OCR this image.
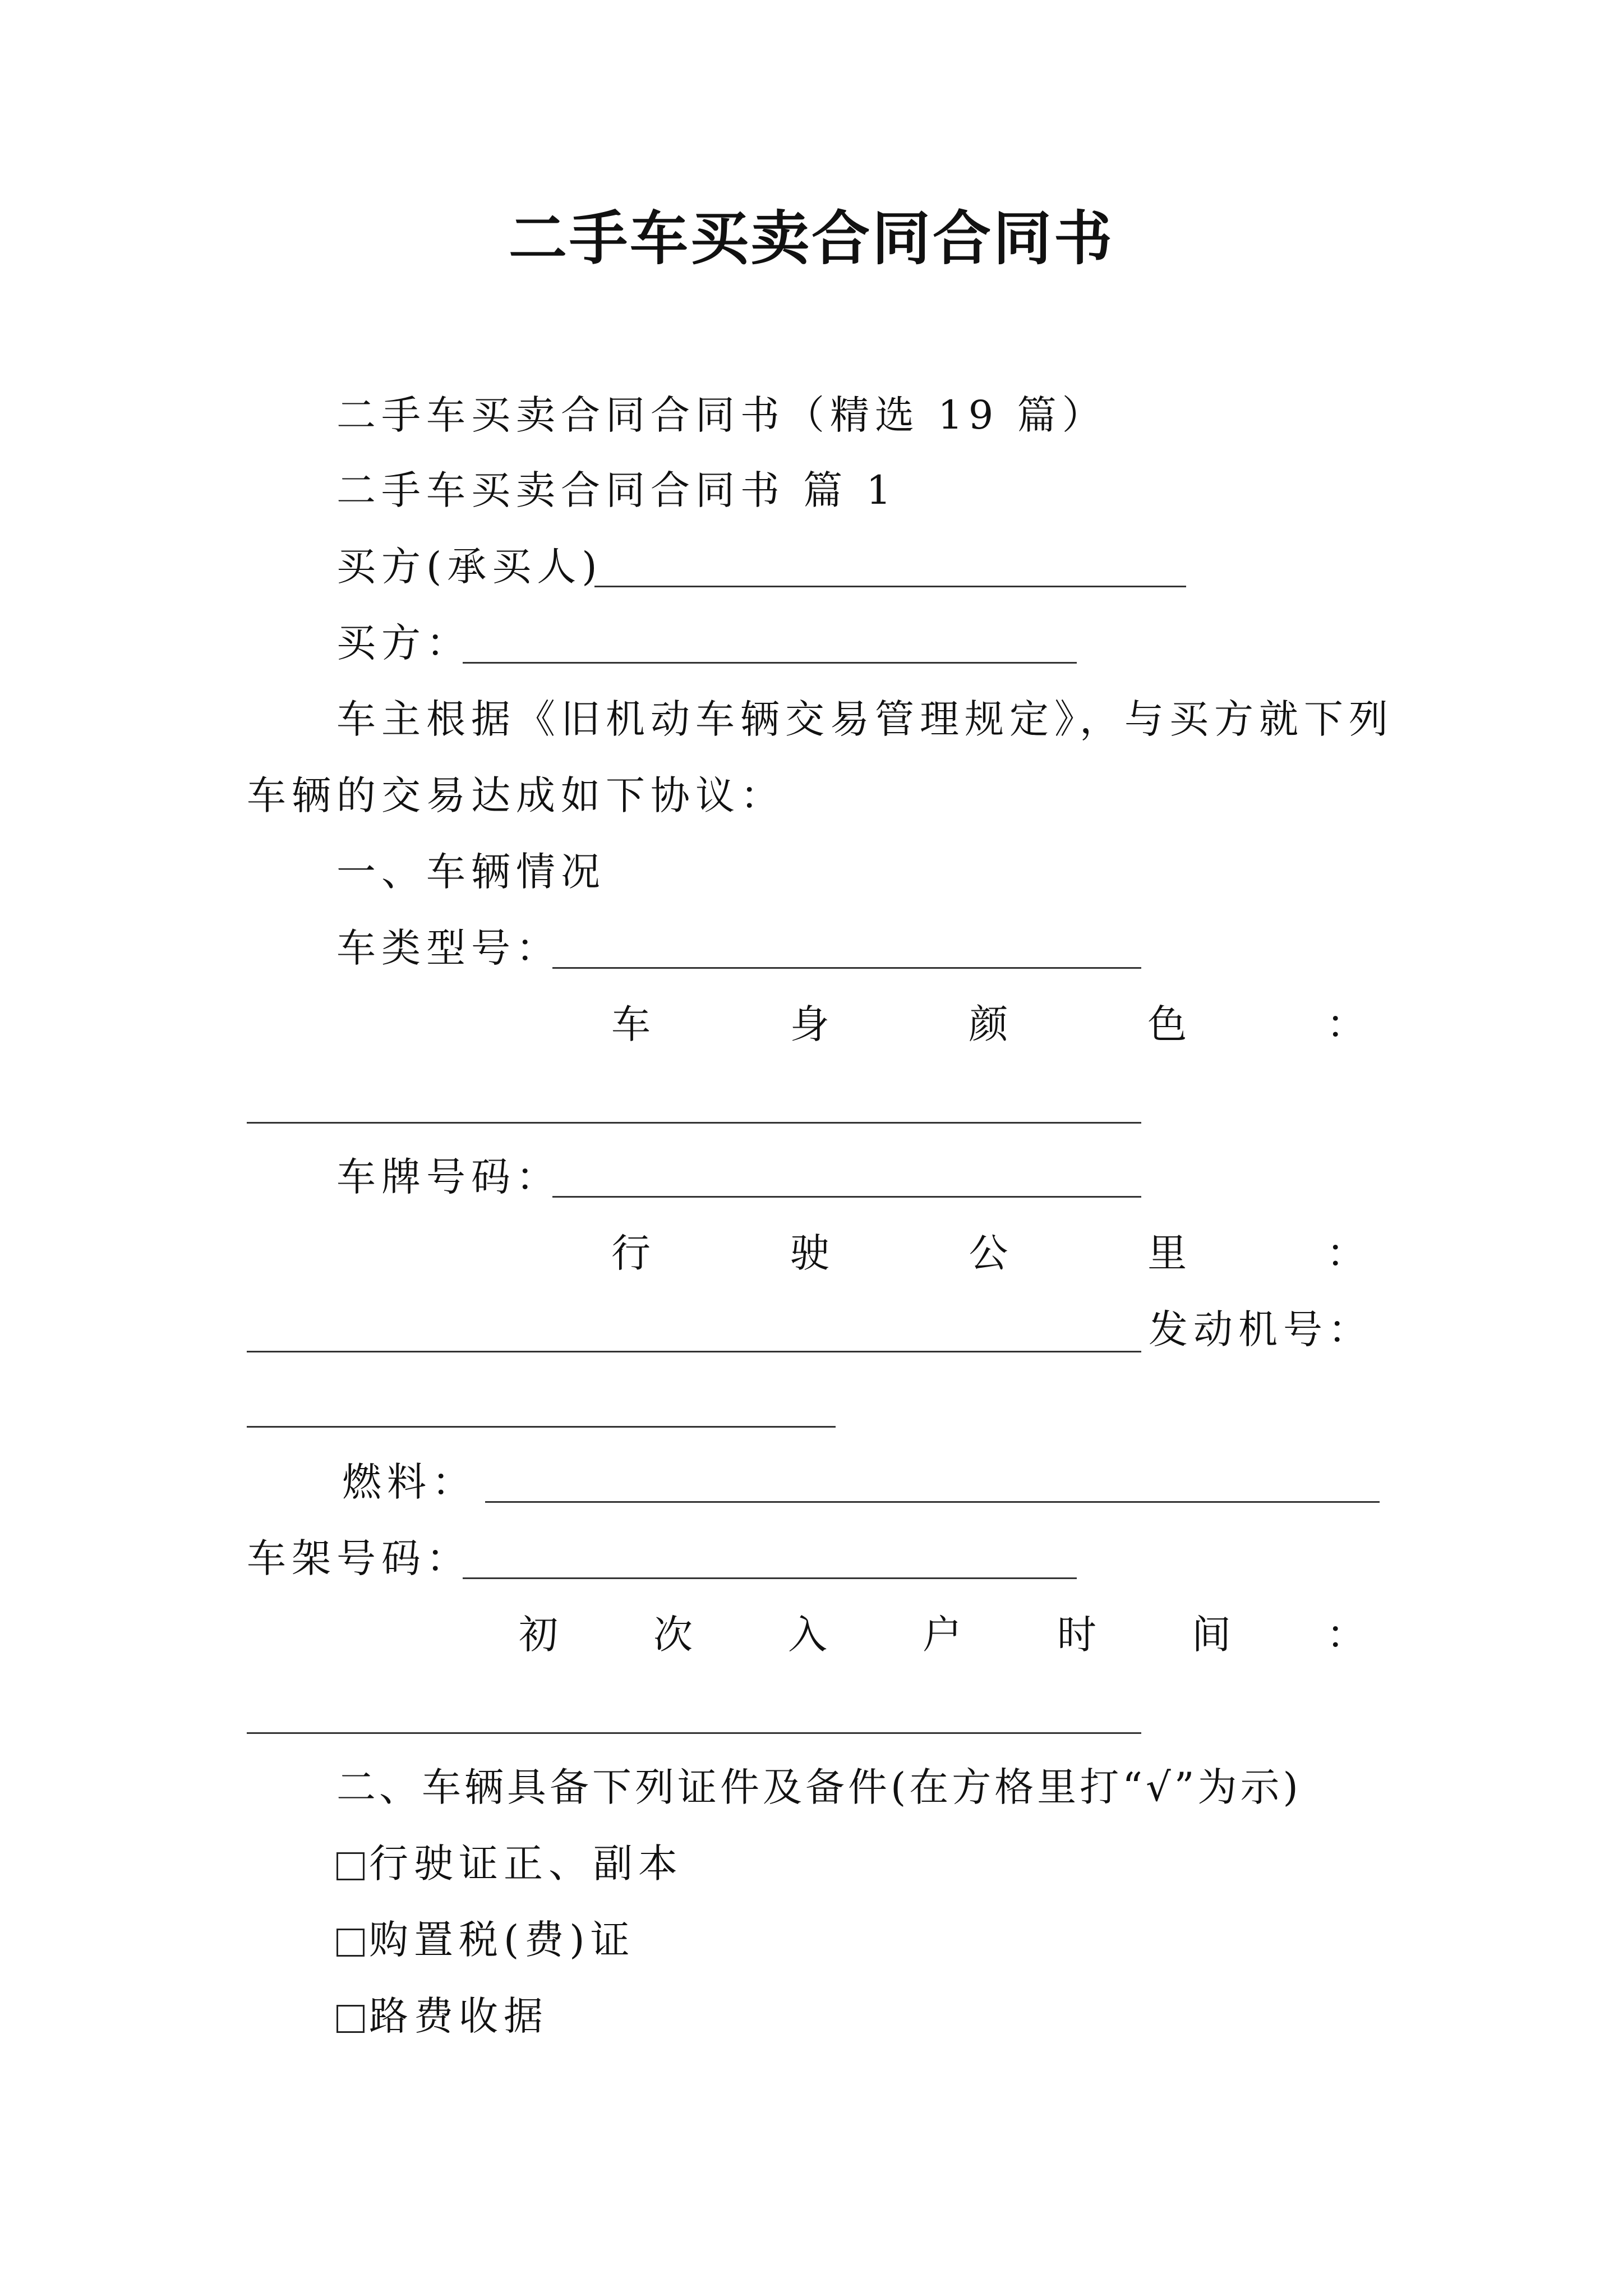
二手车买卖合同合同书
二手车买卖合同合同书（精选 19 篇）
二手车买卖合同合同书 篇 1
买方(承买人)
买方：
车主根据《旧机动车辆交易管理规定》，与买方就下列
车辆的交易达成如下协议：
一、车辆情况
车类型号：
车	身	颜	色	：
车牌号码：
行	驶	公	里	：
发动机号：
燃料：
车架号码：
初 次 入 户 时 间 ：
二、车辆具备下列证件及备件(在方格里打“√”为示)
行驶证正、副本
购置税(费)证
路费收据
